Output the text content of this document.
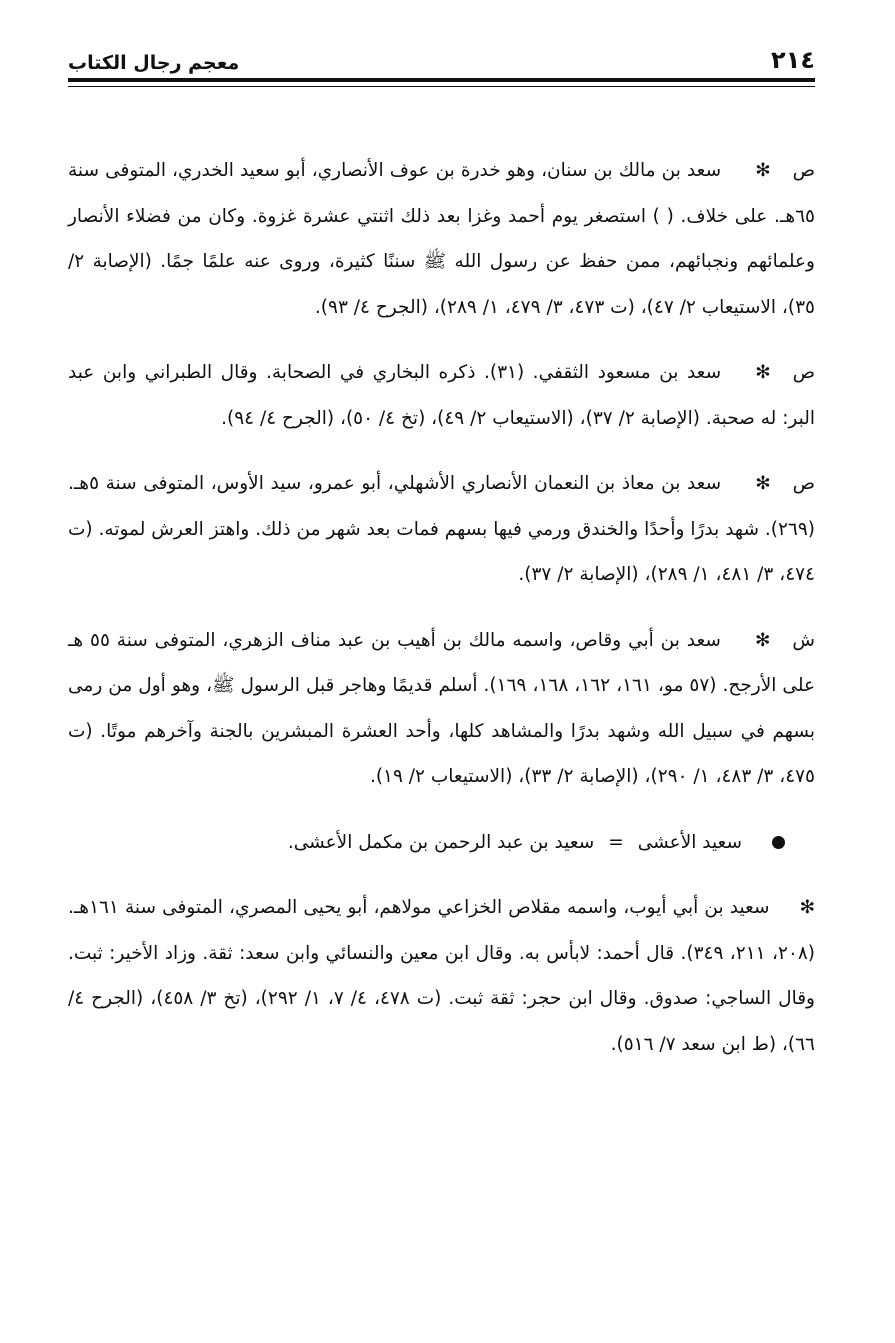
٢١٤
معجم رجال الكتاب

ص✻سعد بن مالك بن سنان، وهو خدرة بن عوف الأنصاري، أبو سعيد الخدري، المتوفى سنة ٦٥هـ. على خلاف. ( ) استصغر يوم أحمد وغزا بعد ذلك اثنتي عشرة غزوة. وكان من فضلاء الأنصار وعلمائهم ونجبائهم، ممن حفظ عن رسول الله ﷺ سننًا كثيرة، وروى عنه علمًا جمًا. (الإصابة ٢/ ٣٥)، الاستيعاب ٢/ ٤٧)، (ت ٤٧٣، ٣/ ٤٧٩، ١/ ٢٨٩)، (الجرح ٤/ ٩٣).

ص✻سعد بن مسعود الثقفي. (٣١). ذكره البخاري في الصحابة. وقال الطبراني وابن عبد البر: له صحبة. (الإصابة ٢/ ٣٧)، (الاستيعاب ٢/ ٤٩)، (تخ ٤/ ٥٠)، (الجرح ٤/ ٩٤).

ص✻سعد بن معاذ بن النعمان الأنصاري الأشهلي، أبو عمرو، سيد الأوس، المتوفى سنة ٥هـ. (٢٦٩). شهد بدرًا وأحدًا والخندق ورمي فيها بسهم فمات بعد شهر من ذلك. واهتز العرش لموته. (ت ٤٧٤، ٣/ ٤٨١، ١/ ٢٨٩)، (الإصابة ٢/ ٣٧).

ش✻سعد بن أبي وقاص، واسمه مالك بن أهيب بن عبد مناف الزهري، المتوفى سنة ٥٥ هـ على الأرجح. (٥٧ مو، ١٦١، ١٦٢، ١٦٨، ١٦٩). أسلم قديمًا وهاجر قبل الرسول ﷺ، وهو أول من رمى بسهم في سبيل الله وشهد بدرًا والمشاهد كلها، وأحد العشرة المبشرين بالجنة وآخرهم موتًا. (ت ٤٧٥، ٣/ ٤٨٣، ١/ ٢٩٠)، (الإصابة ٢/ ٣٣)، (الاستيعاب ٢/ ١٩).

سعيد الأعشى=سعيد بن عبد الرحمن بن مكمل الأعشى.

✻سعيد بن أبي أيوب، واسمه مقلاص الخزاعي مولاهم، أبو يحيى المصري، المتوفى سنة ١٦١هـ. (٢٠٨، ٢١١، ٣٤٩). قال أحمد: لابأس به. وقال ابن معين والنسائي وابن سعد: ثقة. وزاد الأخير: ثبت. وقال الساجي: صدوق. وقال ابن حجر: ثقة ثبت. (ت ٤٧٨، ٤/ ٧، ١/ ٢٩٢)، (تخ ٣/ ٤٥٨)، (الجرح ٤/ ٦٦)، (ط ابن سعد ٧/ ٥١٦).
